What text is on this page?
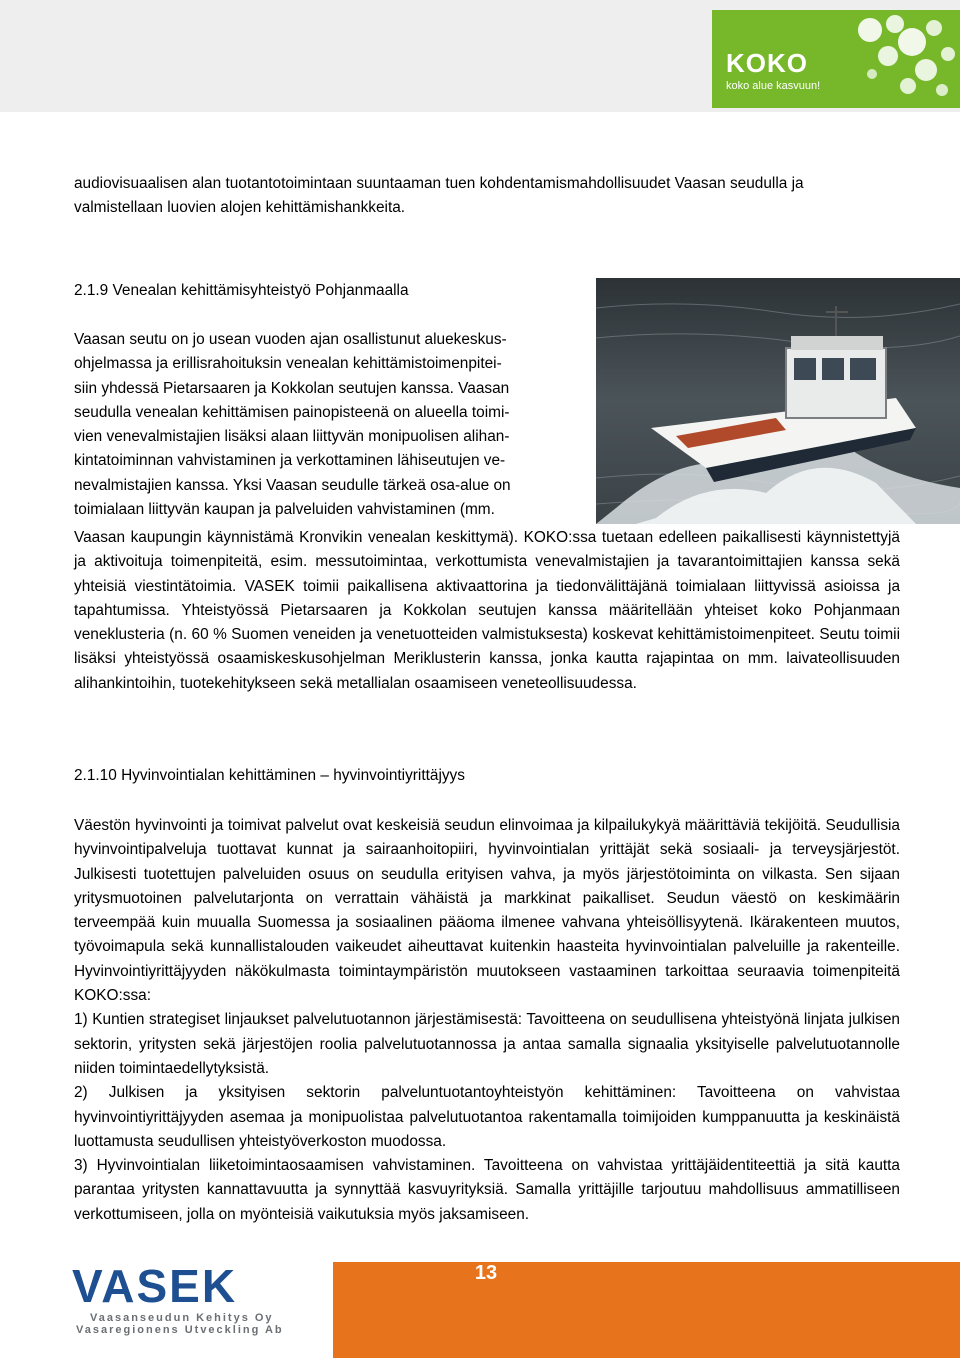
KOKO
koko alue kasvuun!

audiovisuaalisen alan tuotantotoimintaan suuntaaman tuen kohdentamismahdollisuudet Vaasan seudulla ja valmistellaan luovien alojen kehittämishankkeita.

2.1.9 Venealan kehittämisyhteistyö Pohjanmaalla
Vaasan seutu on jo usean vuoden ajan osallistunut aluekeskus-
ohjelmassa ja erillisrahoituksin venealan kehittämistoimenpitei-
siin yhdessä Pietarsaaren ja Kokkolan seutujen kanssa. Vaasan
seudulla venealan kehittämisen painopisteenä on alueella toimi-
vien venevalmistajien lisäksi alaan liittyvän monipuolisen alihan-
kintatoiminnan vahvistaminen ja verkottaminen lähiseutujen ve-
nevalmistajien kanssa. Yksi Vaasan seudulle tärkeä osa-alue on
toimialaan liittyvän kaupan ja palveluiden vahvistaminen (mm.

Vaasan kaupungin käynnistämä Kronvikin venealan keskittymä). KOKO:ssa tuetaan edelleen paikallisesti käynnistettyjä ja aktivoituja toimenpiteitä, esim. messutoimintaa, verkottumista venevalmistajien ja tavarantoimittajien kanssa sekä yhteisiä viestintätoimia. VASEK toimii paikallisena aktivaattorina ja tiedonvälittäjänä toimialaan liittyvissä asioissa ja tapahtumissa. Yhteistyössä Pietarsaaren ja Kokkolan seutujen kanssa määritellään yhteiset koko Pohjanmaan veneklusteria (n. 60 % Suomen veneiden ja venetuotteiden valmistuksesta) koskevat kehittämistoimenpiteet. Seutu toimii lisäksi yhteistyössä osaamiskeskusohjelman Meriklusterin kanssa, jonka kautta rajapintaa on mm. laivateollisuuden alihankintoihin, tuotekehitykseen sekä metallialan osaamiseen veneteollisuudessa.

2.1.10 Hyvinvointialan kehittäminen – hyvinvointiyrittäjyys

Väestön hyvinvointi ja toimivat palvelut ovat keskeisiä seudun elinvoimaa ja kilpailukykyä määrittäviä tekijöitä. Seudullisia hyvinvointipalveluja tuottavat kunnat ja sairaanhoitopiiri, hyvinvointialan yrittäjät sekä sosiaali- ja terveysjärjestöt. Julkisesti tuotettujen palveluiden osuus on seudulla erityisen vahva, ja myös järjestötoiminta on vilkasta. Sen sijaan yritysmuotoinen palvelutarjonta on verrattain vähäistä ja markkinat paikalliset. Seudun väestö on keskimäärin terveempää kuin muualla Suomessa ja sosiaalinen pääoma ilmenee vahvana yhteisöllisyytenä. Ikärakenteen muutos, työvoimapula sekä kunnallistalouden vaikeudet aiheuttavat kuitenkin haasteita hyvinvointialan palveluille ja rakenteille. Hyvinvointiyrittäjyyden näkökulmasta toimintaympäristön muutokseen vastaaminen tarkoittaa seuraavia toimenpiteitä KOKO:ssa:

1) Kuntien strategiset linjaukset palvelutuotannon järjestämisestä: Tavoitteena on seudullisena yhteistyönä linjata julkisen sektorin, yritysten sekä järjestöjen roolia palvelutuotannossa ja antaa samalla signaalia yksityiselle palvelutuotannolle niiden toimintaedellytyksistä.

2) Julkisen ja yksityisen sektorin palveluntuotantoyhteistyön kehittäminen: Tavoitteena on vahvistaa hyvinvointiyrittäjyyden asemaa ja monipuolistaa palvelutuotantoa rakentamalla toimijoiden kumppanuutta ja keskinäistä luottamusta seudullisen yhteistyöverkoston muodossa.

3) Hyvinvointialan liiketoimintaosaamisen vahvistaminen. Tavoitteena on vahvistaa yrittäjäidentiteettiä ja sitä kautta parantaa yritysten kannattavuutta ja synnyttää kasvuyrityksiä. Samalla yrittäjille tarjoutuu mahdollisuus ammatilliseen verkottumiseen, jolla on myönteisiä vaikutuksia myös jaksamiseen.

VASEK
Vaasanseudun Kehitys Oy
Vasaregionens Utveckling Ab
13
